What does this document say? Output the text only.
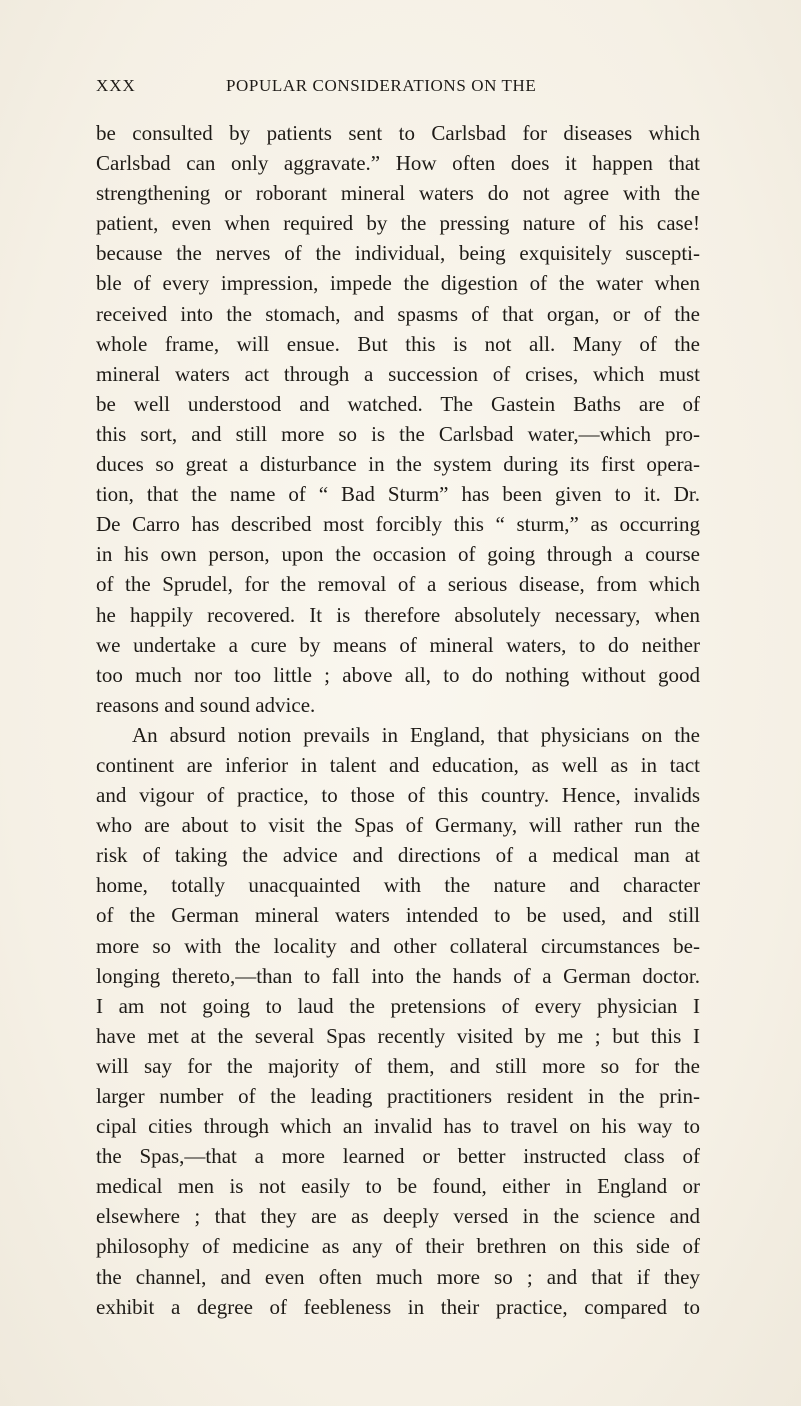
XXX	POPULAR CONSIDERATIONS ON THE
be consulted by patients sent to Carlsbad for diseases which
Carlsbad can only aggravate.” How often does it happen that
strengthening or roborant mineral waters do not agree with the
patient, even when required by the pressing nature of his case!
because the nerves of the individual, being exquisitely suscepti-
ble of every impression, impede the digestion of the water when
received into the stomach, and spasms of that organ, or of the
whole frame, will ensue. But this is not all. Many of the
mineral waters act through a succession of crises, which must
be well understood and watched. The Gastein Baths are of
this sort, and still more so is the Carlsbad water,—which pro-
duces so great a disturbance in the system during its first opera-
tion, that the name of “ Bad Sturm” has been given to it. Dr.
De Carro has described most forcibly this “ sturm,” as occurring
in his own person, upon the occasion of going through a course
of the Sprudel, for the removal of a serious disease, from which
he happily recovered. It is therefore absolutely necessary, when
we undertake a cure by means of mineral waters, to do neither
too much nor too little ; above all, to do nothing without good
reasons and sound advice.
An absurd notion prevails in England, that physicians on the
continent are inferior in talent and education, as well as in tact
and vigour of practice, to those of this country. Hence, invalids
who are about to visit the Spas of Germany, will rather run the
risk of taking the advice and directions of a medical man at
home, totally unacquainted with the nature and character
of the German mineral waters intended to be used, and still
more so with the locality and other collateral circumstances be-
longing thereto,—than to fall into the hands of a German doctor.
I am not going to laud the pretensions of every physician I
have met at the several Spas recently visited by me ; but this I
will say for the majority of them, and still more so for the
larger number of the leading practitioners resident in the prin-
cipal cities through which an invalid has to travel on his way to
the Spas,—that a more learned or better instructed class of
medical men is not easily to be found, either in England or
elsewhere ; that they are as deeply versed in the science and
philosophy of medicine as any of their brethren on this side of
the channel, and even often much more so ; and that if they
exhibit a degree of feebleness in their practice, compared to
